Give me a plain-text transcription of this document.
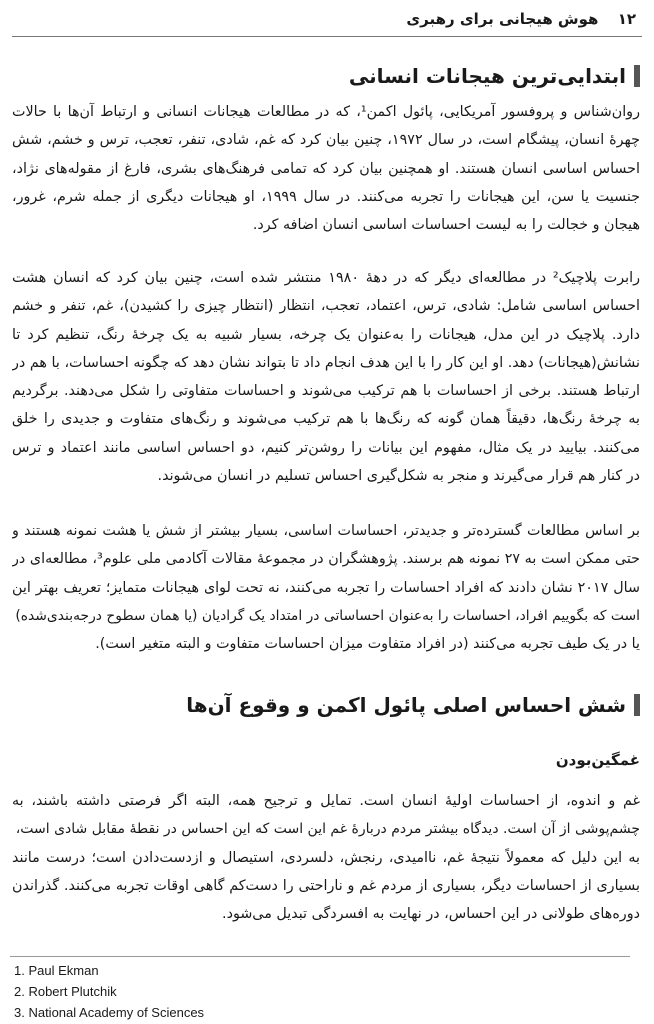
۱۲ هوش هیجانی برای رهبری
ابتدایی‌ترین هیجانات انسانی
روان‌شناس و پروفسور آمریکایی، پائول اکمن¹، که در مطالعات هیجانات انسانی و ارتباط آن‌ها با حالات
چهرهٔ انسان، پیشگام است، در سال ۱۹۷۲، چنین بیان کرد که غم، شادی، تنفر، تعجب، ترس و خشم، شش
احساس اساسی انسان هستند. او همچنین بیان کرد که تمامی فرهنگ‌های بشری، فارغ از مقوله‌های نژاد،
جنسیت یا سن، این هیجانات را تجربه می‌کنند. در سال ۱۹۹۹، او هیجانات دیگری از جمله شرم، غرور،
هیجان و خجالت را به لیست احساسات اساسی انسان اضافه کرد.
رابرت پلاچیک² در مطالعه‌ای دیگر که در دههٔ ۱۹۸۰ منتشر شده است، چنین بیان کرد که انسان هشت
احساس اساسی شامل: شادی، ترس، اعتماد، تعجب، انتظار (انتظار چیزی را کشیدن)، غم، تنفر و خشم
دارد. پلاچیک در این مدل، هیجانات را به‌عنوان یک چرخه، بسیار شبیه به یک چرخهٔ رنگ، تنظیم کرد تا
نشانش(هیجانات) دهد. او این کار را با این هدف انجام داد تا بتواند نشان دهد که چگونه احساسات، با هم در
ارتباط هستند. برخی از احساسات با هم ترکیب می‌شوند و احساسات متفاوتی را شکل می‌دهند. برگردیم
به چرخهٔ رنگ‌ها، دقیقاً همان گونه که رنگ‌ها با هم ترکیب می‌شوند و رنگ‌های متفاوت و جدیدی را خلق
می‌کنند. بیایید در یک مثال، مفهوم این بیانات را روشن‌تر کنیم، دو احساس اساسی مانند اعتماد و ترس
در کنار هم قرار می‌گیرند و منجر به شکل‌گیری احساس تسلیم در انسان می‌شوند.
بر اساس مطالعات گسترده‌تر و جدیدتر، احساسات اساسی، بسیار بیشتر از شش یا هشت نمونه هستند و
حتی ممکن است به ۲۷ نمونه هم برسند. پژوهشگران در مجموعهٔ مقالات آکادمی ملی علوم³، مطالعه‌ای در
سال ۲۰۱۷ نشان دادند که افراد احساسات را تجربه می‌کنند، نه تحت لوای هیجانات متمایز؛ تعریف بهتر این
است که بگوییم افراد، احساسات را به‌عنوان احساساتی در امتداد یک گرادیان (یا همان سطوح درجه‌بندی‌شده)
یا در یک طیف تجربه می‌کنند (در افراد متفاوت میزان احساسات متفاوت و البته متغیر است).
شش احساس اصلی پائول اکمن و وقوع آن‌ها
غمگین‌بودن
غم و اندوه، از احساسات اولیهٔ انسان است. تمایل و ترجیح همه، البته اگر فرصتی داشته باشند، به
چشم‌پوشی از آن است. دیدگاه بیشتر مردم دربارهٔ غم این است که این احساس در نقطهٔ مقابل شادی است،
به این دلیل که معمولاً نتیجهٔ غم، ناامیدی، رنجش، دلسردی، استیصال و ازدست‌دادن است؛ درست مانند
بسیاری از احساسات دیگر، بسیاری از مردم غم و ناراحتی را دست‌کم گاهی اوقات تجربه می‌کنند. گذراندن
دوره‌های طولانی در این احساس، در نهایت به افسردگی تبدیل می‌شود.
1. Paul Ekman
2. Robert Plutchik
3. National Academy of Sciences
